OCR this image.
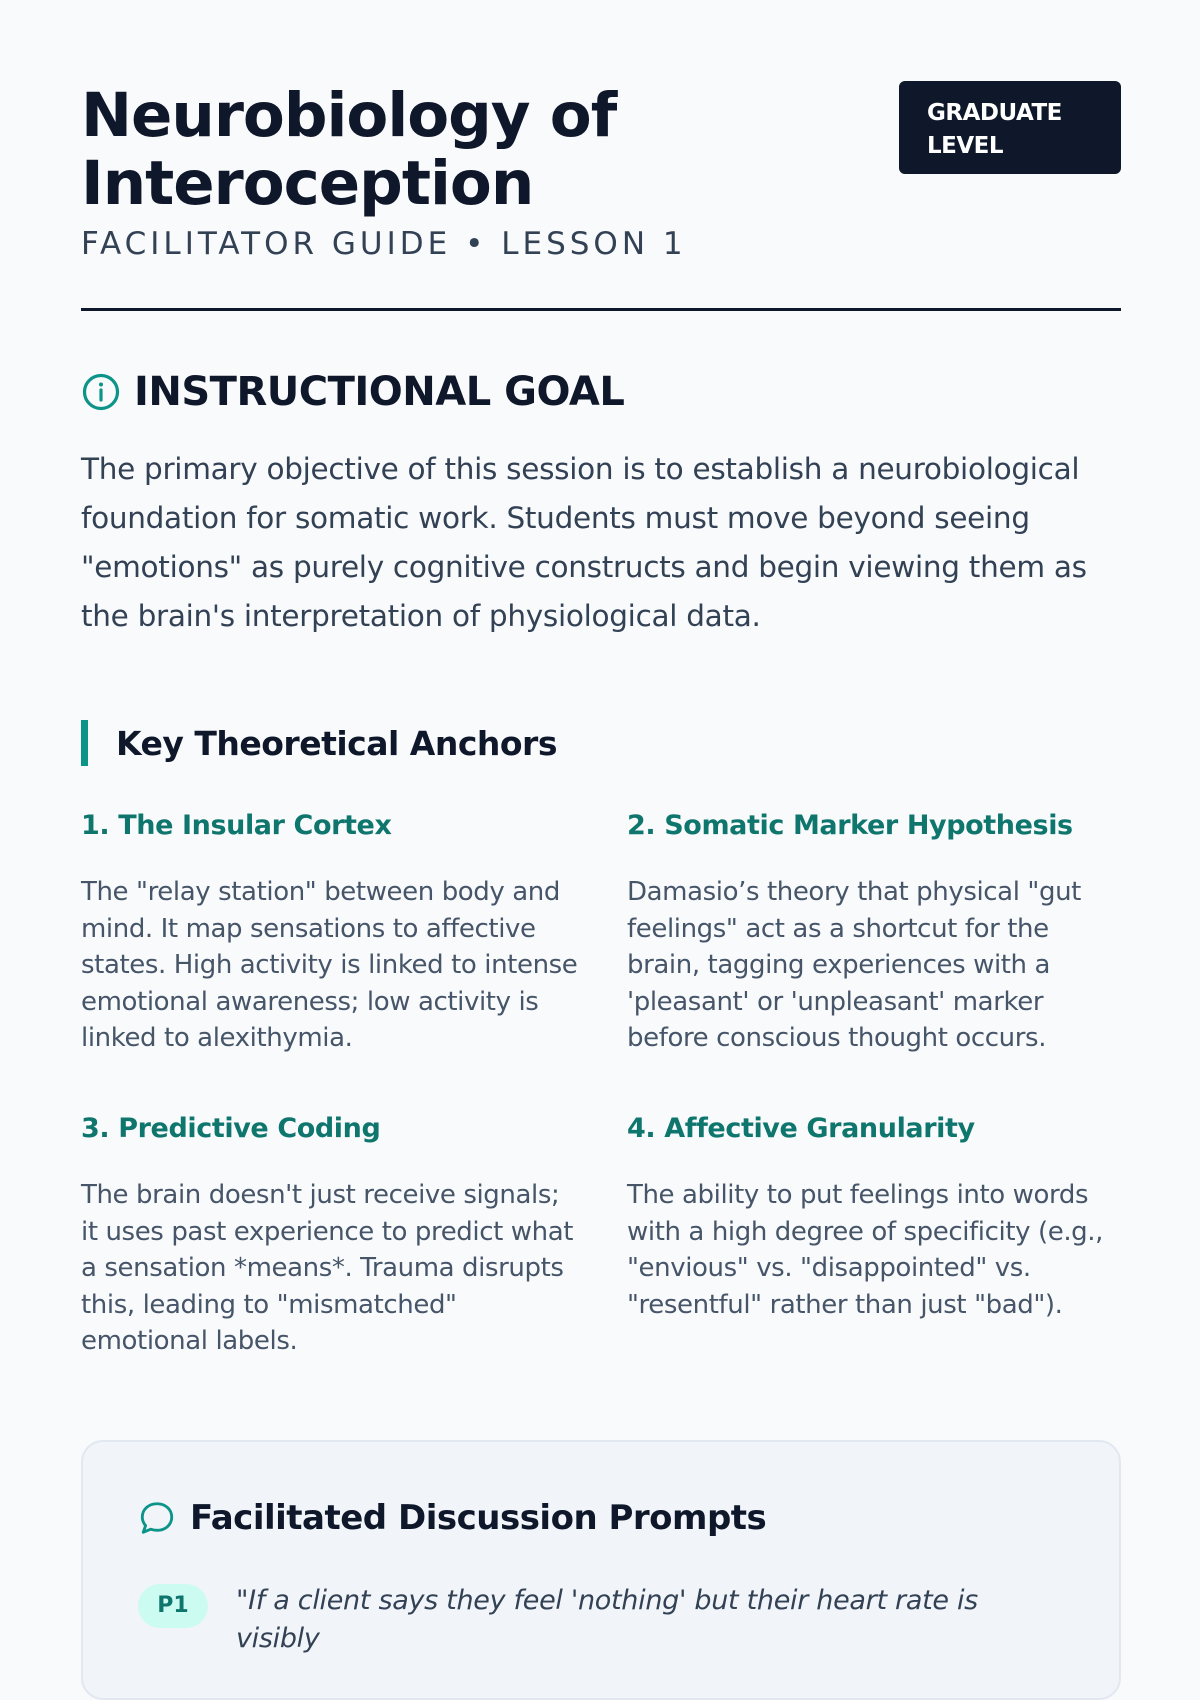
Neurobiology of Interoception

FACILITATOR GUIDE • LESSON 1

GRADUATE LEVEL
INSTRUCTIONAL GOAL
The primary objective of this session is to establish a neurobiological foundation for somatic work. Students must move beyond seeing "emotions" as purely cognitive constructs and begin viewing them as the brain's interpretation of physiological data.
Key Theoretical Anchors
1. The Insular Cortex
The "relay station" between body and mind. It map sensations to affective states. High activity is linked to intense emotional awareness; low activity is linked to alexithymia.
2. Somatic Marker Hypothesis
Damasio’s theory that physical "gut feelings" act as a shortcut for the brain, tagging experiences with a 'pleasant' or 'unpleasant' marker before conscious thought occurs.
3. Predictive Coding
The brain doesn't just receive signals; it uses past experience to predict what a sensation *means*. Trauma disrupts this, leading to "mismatched" emotional labels.
4. Affective Granularity
The ability to put feelings into words with a high degree of specificity (e.g., "envious" vs. "disappointed" vs. "resentful" rather than just "bad").
Facilitated Discussion Prompts
P1	"If a client says they feel 'nothing' but their heart rate is visibly
